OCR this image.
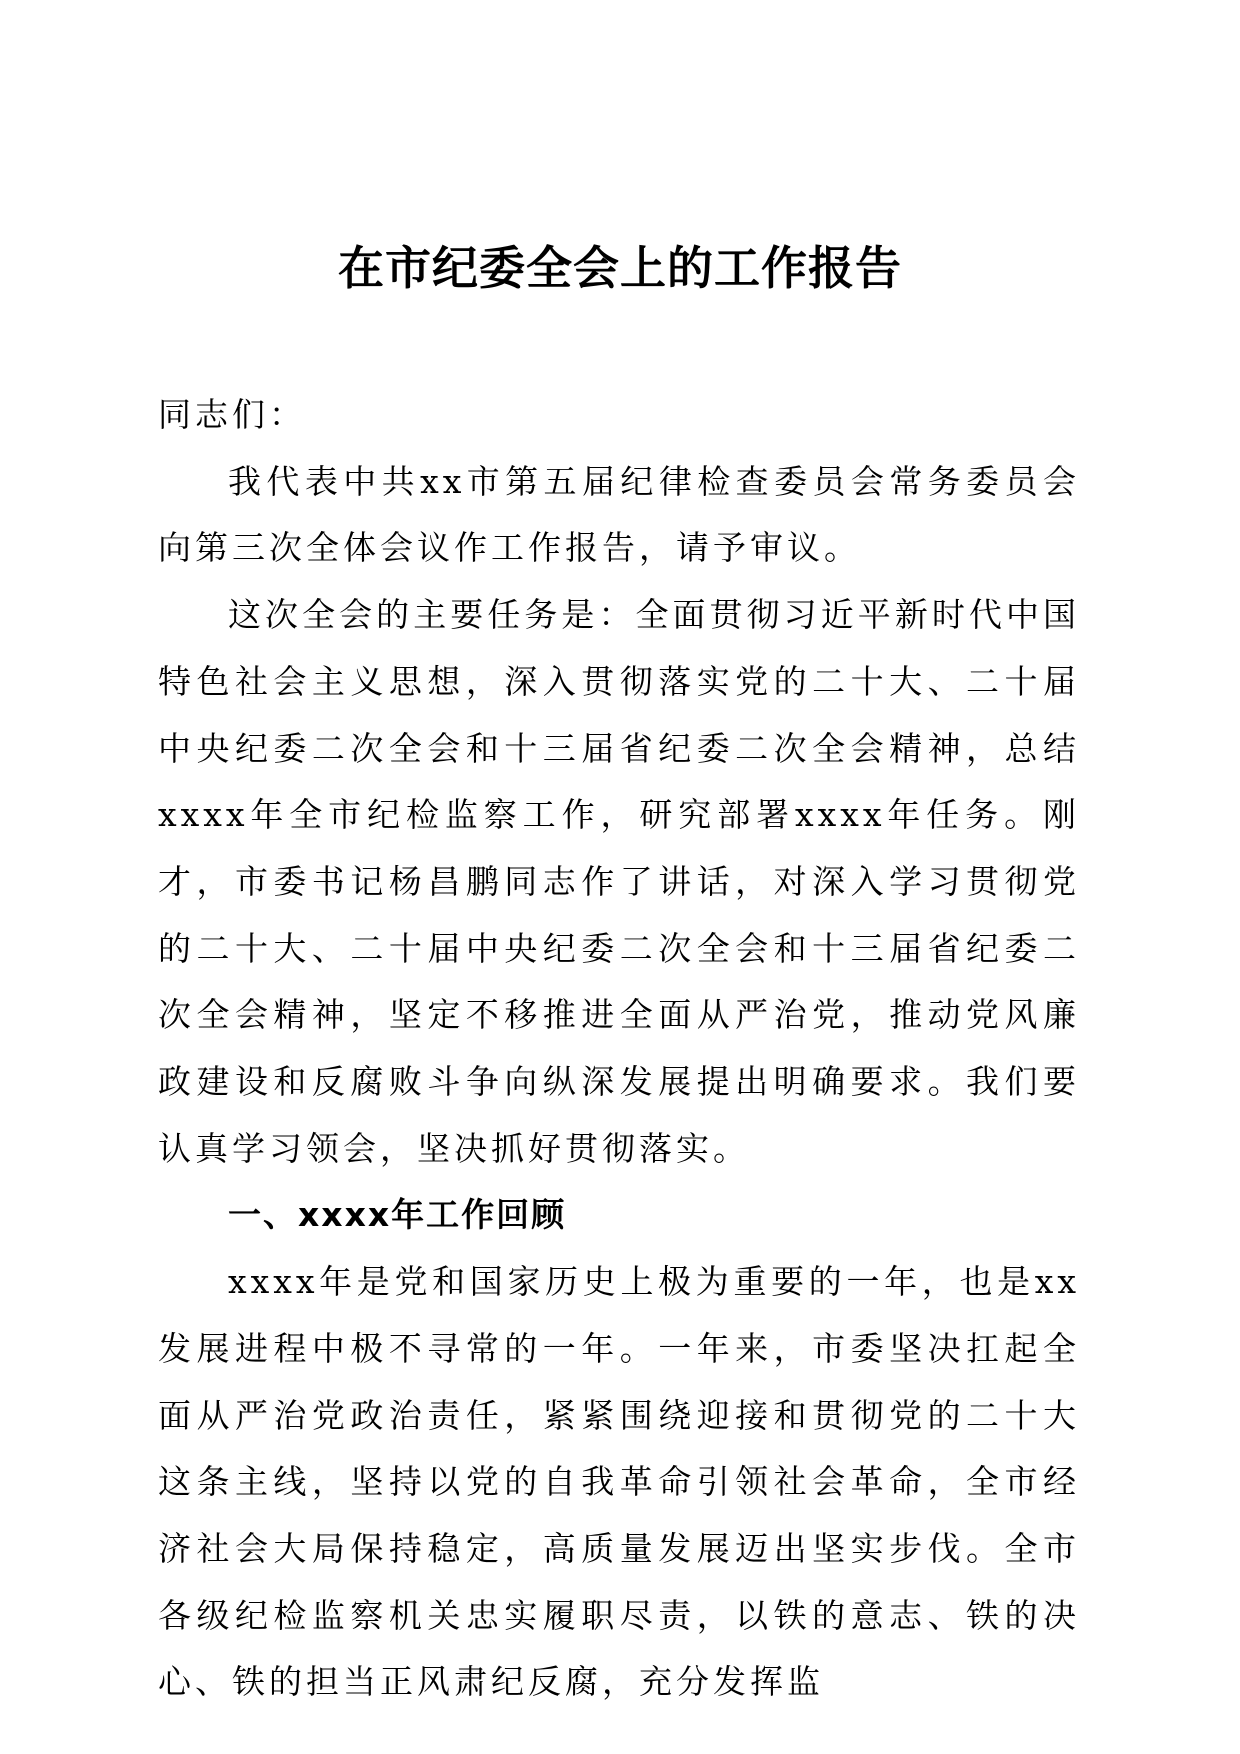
在市纪委全会上的工作报告

同志们：

我代表中共xx市第五届纪律检查委员会常务委员会向第三次全体会议作工作报告，请予审议。

这次全会的主要任务是：全面贯彻习近平新时代中国特色社会主义思想，深入贯彻落实党的二十大、二十届中央纪委二次全会和十三届省纪委二次全会精神，总结xxxx年全市纪检监察工作，研究部署xxxx年任务。刚才，市委书记杨昌鹏同志作了讲话，对深入学习贯彻党的二十大、二十届中央纪委二次全会和十三届省纪委二次全会精神，坚定不移推进全面从严治党，推动党风廉政建设和反腐败斗争向纵深发展提出明确要求。我们要认真学习领会，坚决抓好贯彻落实。

一、xxxx年工作回顾

xxxx年是党和国家历史上极为重要的一年，也是xx发展进程中极不寻常的一年。一年来，市委坚决扛起全面从严治党政治责任，紧紧围绕迎接和贯彻党的二十大这条主线，坚持以党的自我革命引领社会革命，全市经济社会大局保持稳定，高质量发展迈出坚实步伐。全市各级纪检监察机关忠实履职尽责，以铁的意志、铁的决心、铁的担当正风肃纪反腐，充分发挥监
